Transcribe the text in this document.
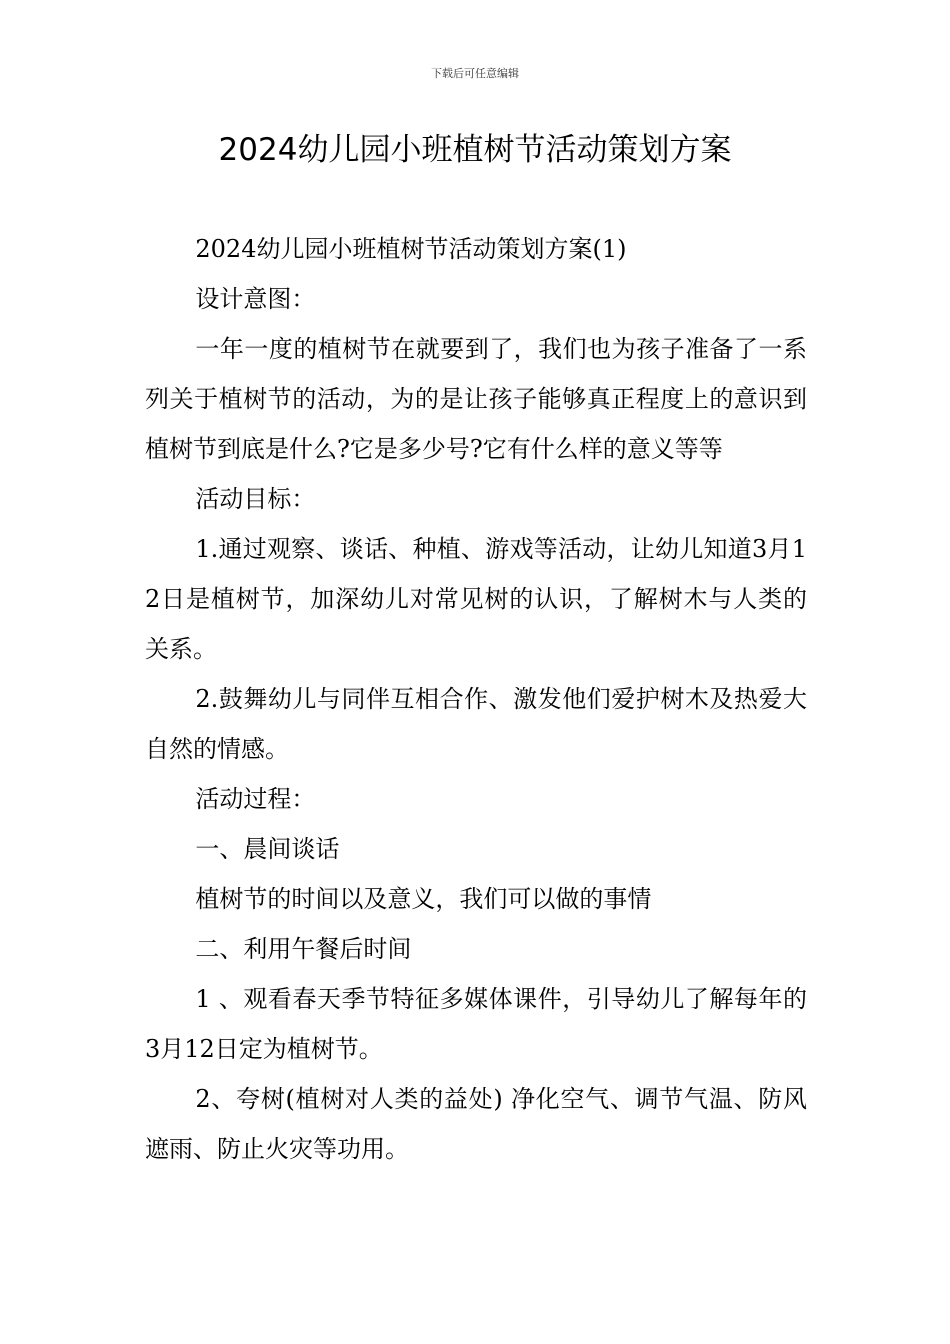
下载后可任意编辑
2024幼儿园小班植树节活动策划方案

2024幼儿园小班植树节活动策划方案(1)

设计意图：

一年一度的植树节在就要到了，我们也为孩子准备了一系列关于植树节的活动，为的是让孩子能够真正程度上的意识到植树节到底是什么?它是多少号?它有什么样的意义等等

活动目标：

1.通过观察、谈话、种植、游戏等活动，让幼儿知道3月12日是植树节，加深幼儿对常见树的认识，了解树木与人类的关系。

2.鼓舞幼儿与同伴互相合作、激发他们爱护树木及热爱大自然的情感。

活动过程：

一、晨间谈话

植树节的时间以及意义，我们可以做的事情

二、利用午餐后时间

1 、观看春天季节特征多媒体课件，引导幼儿了解每年的3月12日定为植树节。

2、夸树(植树对人类的益处) 净化空气、调节气温、防风遮雨、防止火灾等功用。
